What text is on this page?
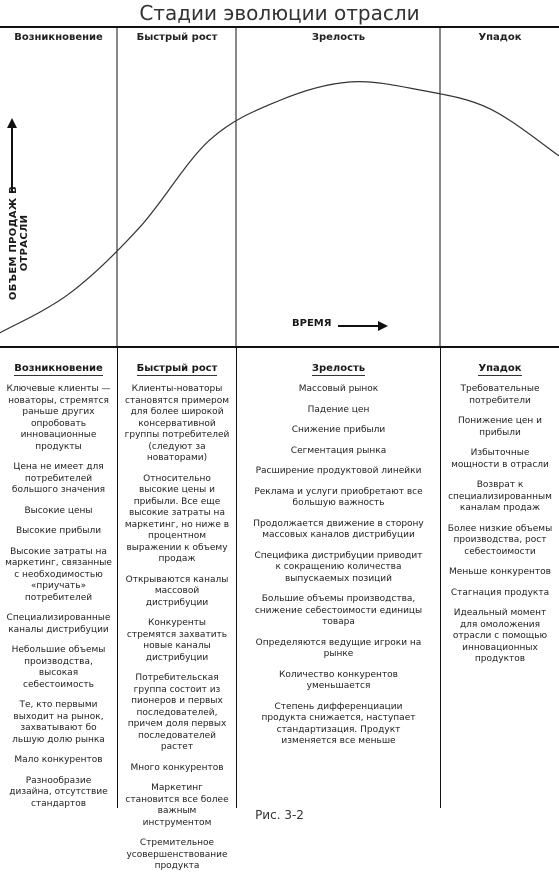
Стадии эволюции отрасли
Возникновение	Быстрый рост	Зрелость	Упадок
ОБЪЕМ ПРОДАЖ В ОТРАСЛИ
ВРЕМЯ
Возникновение
Ключевые клиенты — новаторы, стремятся раньше других опробовать инновационные продукты
Цена не имеет для потребителей большого значения
Высокие цены
Высокие прибыли
Высокие затраты на маркетинг, связанные с необходимостью «приучать» потребителей
Специализированные каналы дистрибуции
Небольшие объемы производства, высокая себестоимость
Те, кто первыми выходит на рынок, захватывают бо льшую долю рынка
Мало конкурентов
Разнообразие дизайна, отсутствие стандартов
Быстрый рост
Клиенты-новаторы становятся примером для более широкой консервативной группы потребителей (следуют за новаторами)
Относительно высокие цены и прибыли. Все еще высокие затраты на маркетинг, но ниже в процентном выражении к объему продаж
Открываются каналы массовой дистрибуции
Конкуренты стремятся захватить новые каналы дистрибуции
Потребительская группа состоит из пионеров и первых последователей, причем доля первых последователей растет
Много конкурентов
Маркетинг становится все более важным инструментом
Стремительное усовершенствование продукта
Зрелость
Массовый рынок
Падение цен
Снижение прибыли
Сегментация рынка
Расширение продуктовой линейки
Реклама и услуги приобретают все большую важность
Продолжается движение в сторону массовых каналов дистрибуции
Специфика дистрибуции приводит к сокращению количества выпускаемых позиций
Большие объемы производства, снижение себестоимости единицы товара
Определяются ведущие игроки на рынке
Количество конкурентов уменьшается
Степень дифференциации продукта снижается, наступает стандартизация. Продукт изменяется все меньше
Упадок
Требовательные потребители
Понижение цен и прибыли
Избыточные мощности в отрасли
Возврат к специализированным каналам продаж
Более низкие объемы производства, рост себестоимости
Меньше конкурентов
Стагнация продукта
Идеальный момент для омоложения отрасли с помощью инновационных продуктов
Рис. 3-2
